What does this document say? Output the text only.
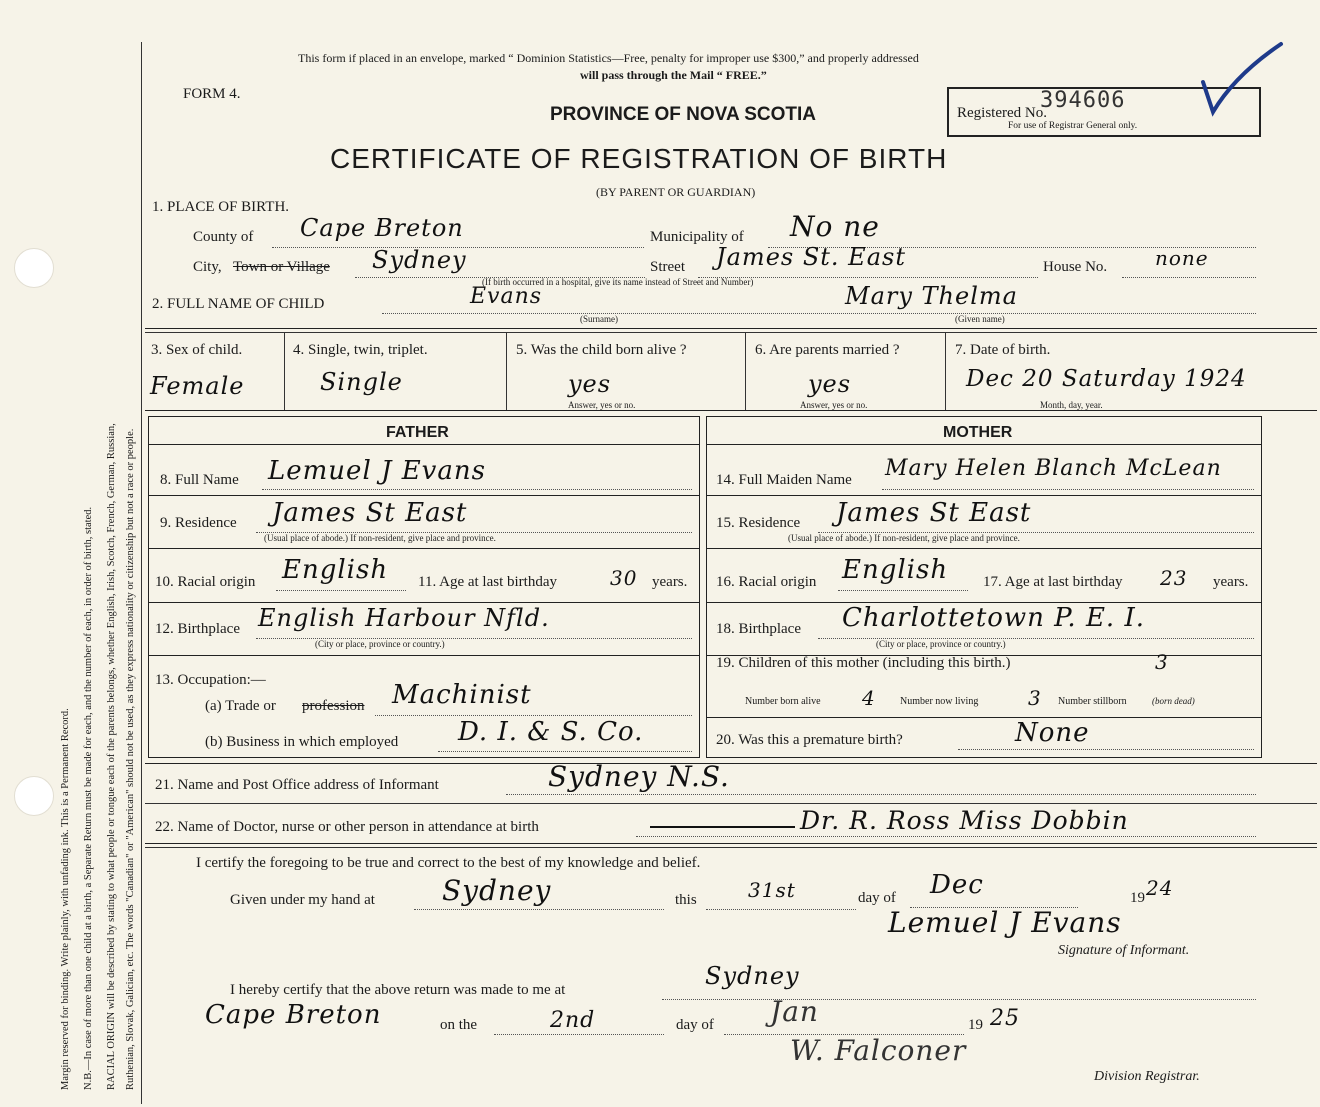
Margin reserved for binding. Write plainly, with unfading ink. This is a Permanent Record. N.B.—In case of more than one child at a birth, a Separate Return must be made for each, and the number of each, in order of birth, stated. RACIAL ORIGIN will be described by stating to what people or tongue each of the parents belongs, whether English, Irish, Scotch, French, German, Russian, Ruthenian, Slovak, Galician, etc. The words "Canadian" or "American" should not be used, as they express nationality or citizenship but not a race or people.
This form if placed in an envelope, marked “ Dominion Statistics—Free, penalty for improper use $300,” and properly addressed
will pass through the Mail “ FREE.”
FORM 4.
PROVINCE OF NOVA SCOTIA
CERTIFICATE OF REGISTRATION OF BIRTH
(BY PARENT OR GUARDIAN)
Registered No.
394606
For use of Registrar General only.
1. PLACE OF BIRTH.
County of Cape Breton	Municipality of No ne
City, Town or Village Sydney
(If birth occurred in a hospital, give its name instead of Street and Number)
Street James St. East	House No. none
2. FULL NAME OF CHILD	Evans
(Surname)
Mary Thelma
(Given name)
3. Sex of child.
Female
4. Single, twin, triplet.
Single
5. Was the child born alive ?
yes
Answer, yes or no.
6. Are parents married ?
yes
Answer, yes or no.
7. Date of birth.
Dec 20 Saturday 1924
Month, day, year.
FATHER	MOTHER
8. Full Name Lemuel J Evans
9. Residence James St East
(Usual place of abode.) If non-resident, give place and province.
10. Racial origin English 11. Age at last birthday	30 years.
12. Birthplace English Harbour Nfld.
(City or place, province or country.)
13. Occupation:—
(a) Trade or profession Machinist
(b) Business in which employed D. I. & S. Co.
14. Full Maiden Name Mary Helen Blanch McLean
15. Residence James St East
(Usual place of abode.) If non-resident, give place and province.
16. Racial origin English 17. Age at last birthday 23 years.
18. Birthplace Charlottetown P. E. I.
(City or place, province or country.)
19. Children of this mother (including this birth.)	3
Number born alive 4 Number now living 3 Number stillborn	(born dead)
20. Was this a premature birth?	None
21. Name and Post Office address of Informant	Sydney N.S.
22. Name of Doctor, nurse or other person in attendance at birth	Dr. R. Ross Miss Dobbin
I certify the foregoing to be true and correct to the best of my knowledge and belief.
Given under my hand at Sydney	this	31st	day of Dec	19 24
Lemuel J Evans
Signature of Informant.
I hereby certify that the above return was made to me at	Sydney
Cape Breton	on the	2nd	day of Jan	19 25
W. Falconer
Division Registrar.
